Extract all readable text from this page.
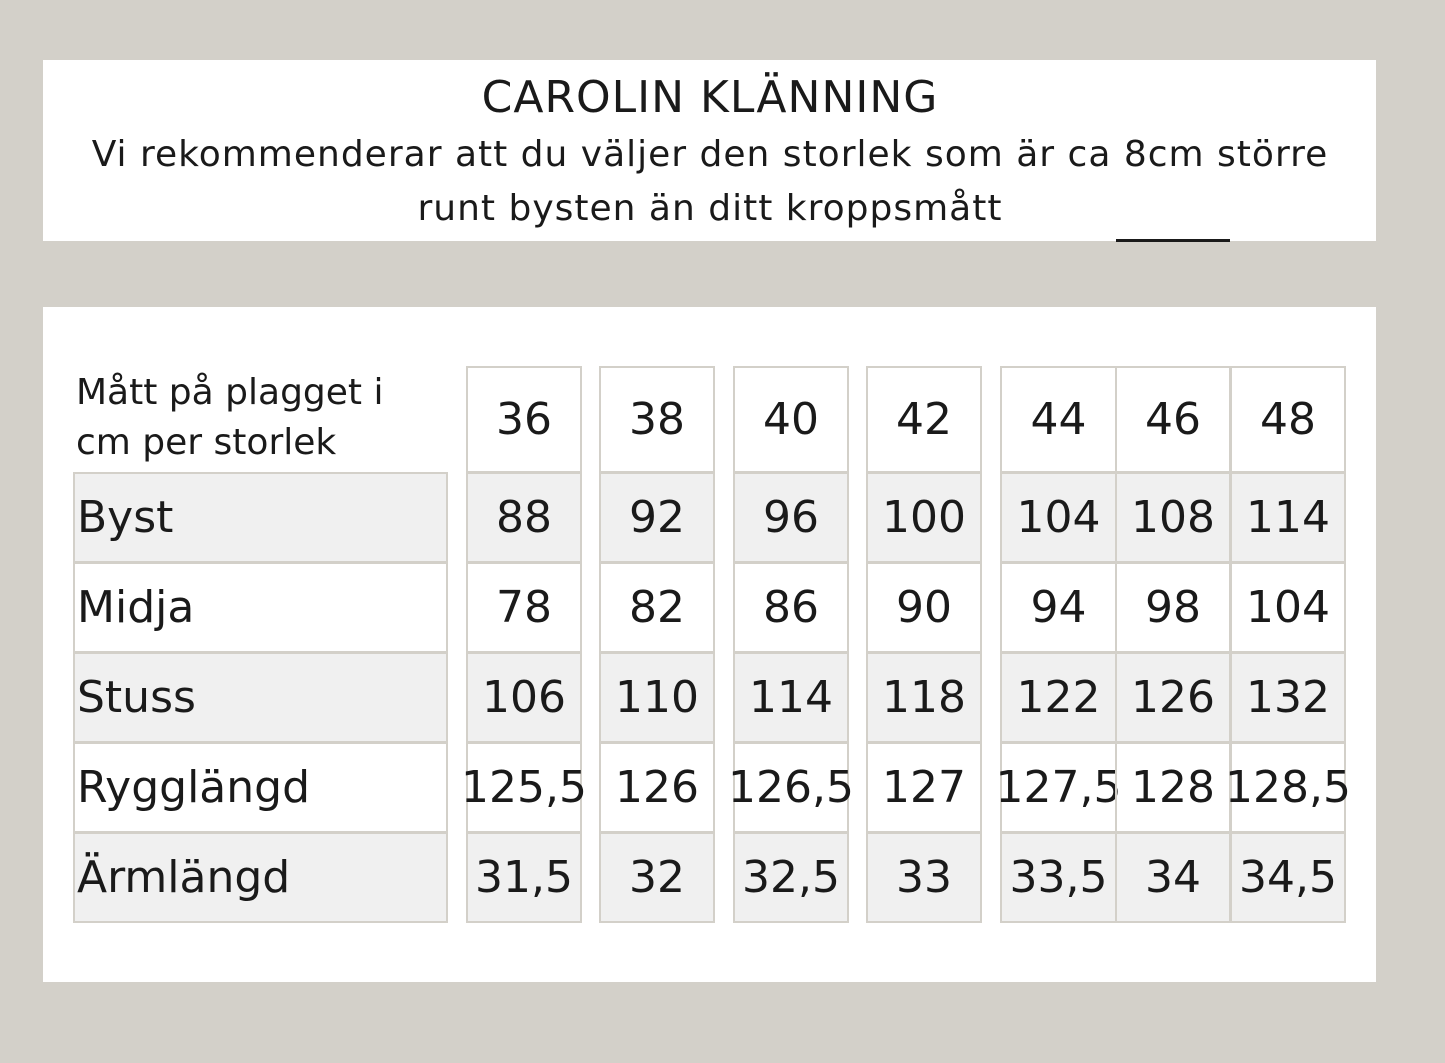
CAROLIN KLÄNNING

Vi rekommenderar att du väljer den storlek som är ca 8cm större
runt bysten än ditt kroppsmått

Mått på plagget i
cm per storlek	36	38	40	42	44	46	48
Byst	88	92	96	100	104 108 114
Midja	78	82	86	90	94	98	104
Stuss	106	110	114	118	122 126 132
Rygglängd	125,5 126 126,5 127 127,5 128 128,5
Ärmlängd	31,5	32	32,5	33	33,5 34 34,5
